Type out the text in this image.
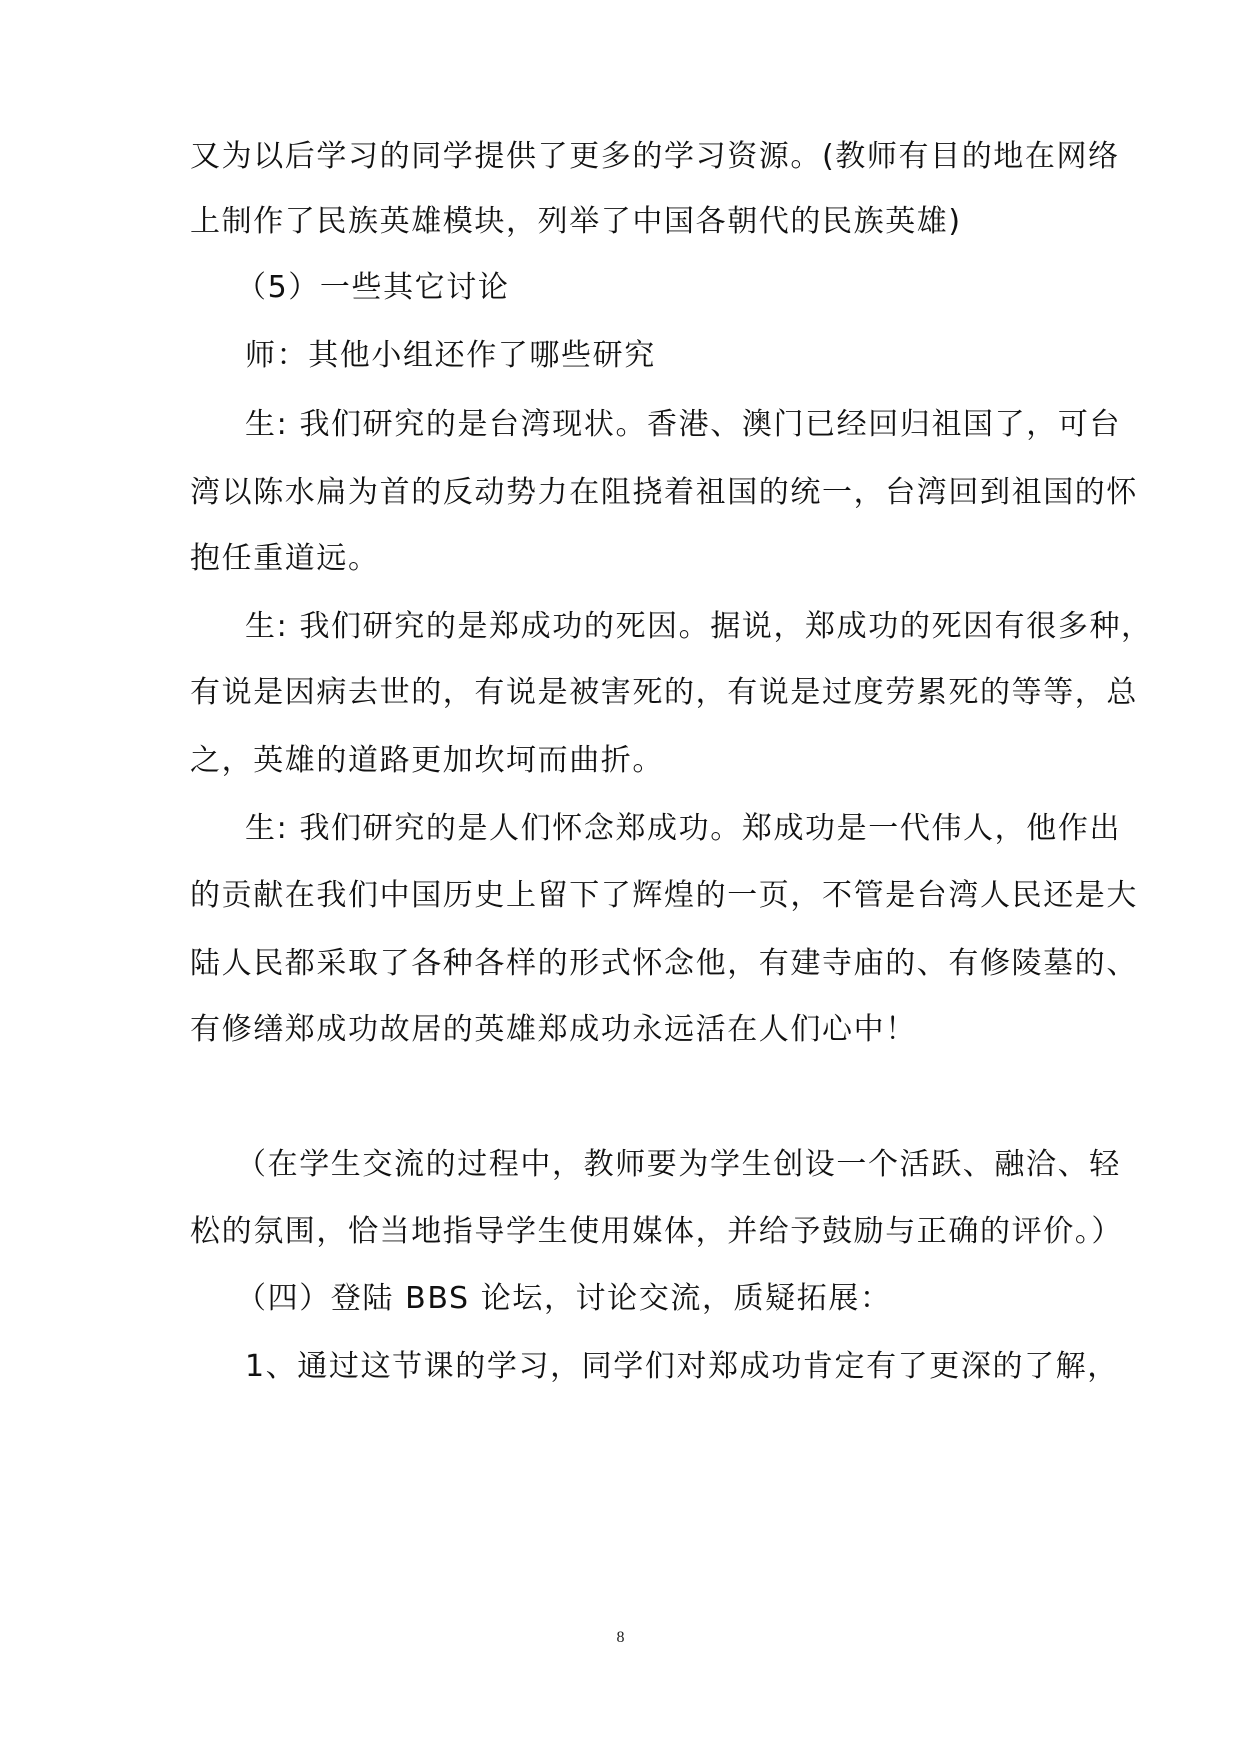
又为以后学习的同学提供了更多的学习资源。(教师有目的地在网络
上制作了民族英雄模块，列举了中国各朝代的民族英雄)
（5）一些其它讨论
师：其他小组还作了哪些研究
生: 我们研究的是台湾现状。香港、澳门已经回归祖国了，可台
湾以陈水扁为首的反动势力在阻挠着祖国的统一，台湾回到祖国的怀
抱任重道远。
生: 我们研究的是郑成功的死因。据说，郑成功的死因有很多种，
有说是因病去世的，有说是被害死的，有说是过度劳累死的等等，总
之，英雄的道路更加坎坷而曲折。
生: 我们研究的是人们怀念郑成功。郑成功是一代伟人，他作出
的贡献在我们中国历史上留下了辉煌的一页，不管是台湾人民还是大
陆人民都采取了各种各样的形式怀念他，有建寺庙的、有修陵墓的、
有修缮郑成功故居的英雄郑成功永远活在人们心中！
（在学生交流的过程中，教师要为学生创设一个活跃、融洽、轻
松的氛围，恰当地指导学生使用媒体，并给予鼓励与正确的评价。）
（四）登陆 BBS 论坛，讨论交流，质疑拓展：
1、通过这节课的学习，同学们对郑成功肯定有了更深的了解，
8
